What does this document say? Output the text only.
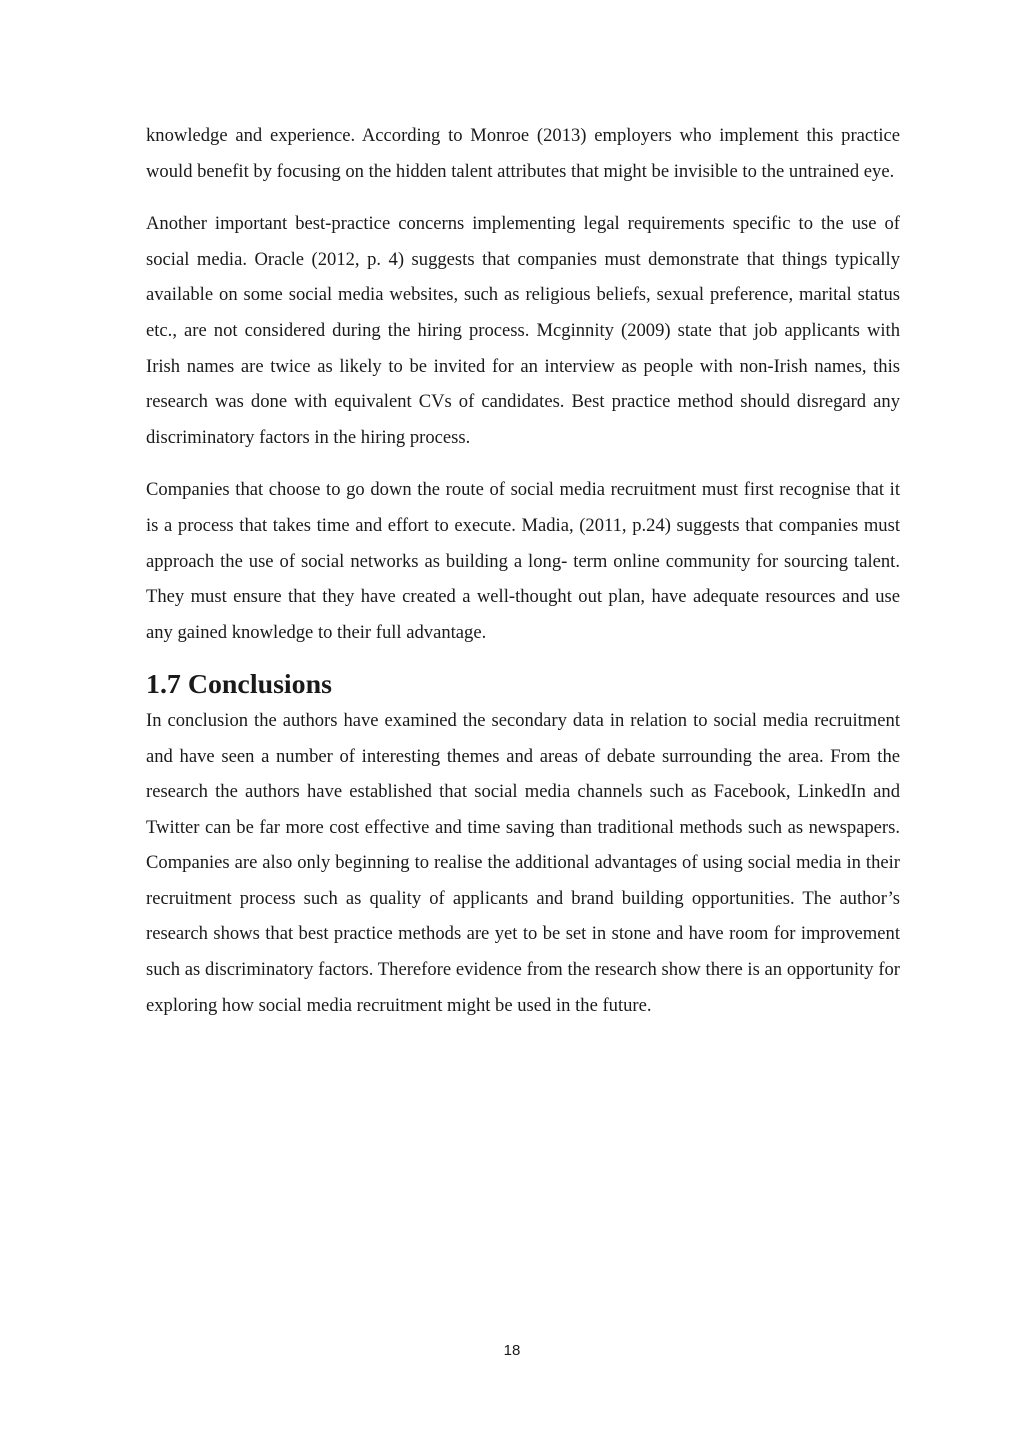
knowledge and experience. According to Monroe (2013) employers who implement this practice would benefit by focusing on the hidden talent attributes that might be invisible to the untrained eye.

Another important best-practice concerns implementing legal requirements specific to the use of social media. Oracle (2012, p. 4) suggests that companies must demonstrate that things typically available on some social media websites, such as religious beliefs, sexual preference, marital status etc., are not considered during the hiring process. Mcginnity (2009) state that job applicants with Irish names are twice as likely to be invited for an interview as people with non-Irish names, this research was done with equivalent CVs of candidates. Best practice method should disregard any discriminatory factors in the hiring process.

Companies that choose to go down the route of social media recruitment must first recognise that it is a process that takes time and effort to execute. Madia, (2011, p.24) suggests that companies must approach the use of social networks as building a long- term online community for sourcing talent. They must ensure that they have created a well-thought out plan, have adequate resources and use any gained knowledge to their full advantage.

1.7 Conclusions

In conclusion the authors have examined the secondary data in relation to social media recruitment and have seen a number of interesting themes and areas of debate surrounding the area. From the research the authors have established that social media channels such as Facebook, LinkedIn and Twitter can be far more cost effective and time saving than traditional methods such as newspapers. Companies are also only beginning to realise the additional advantages of using social media in their recruitment process such as quality of applicants and brand building opportunities. The author’s research shows that best practice methods are yet to be set in stone and have room for improvement such as discriminatory factors. Therefore evidence from the research show there is an opportunity for exploring how social media recruitment might be used in the future.

18
